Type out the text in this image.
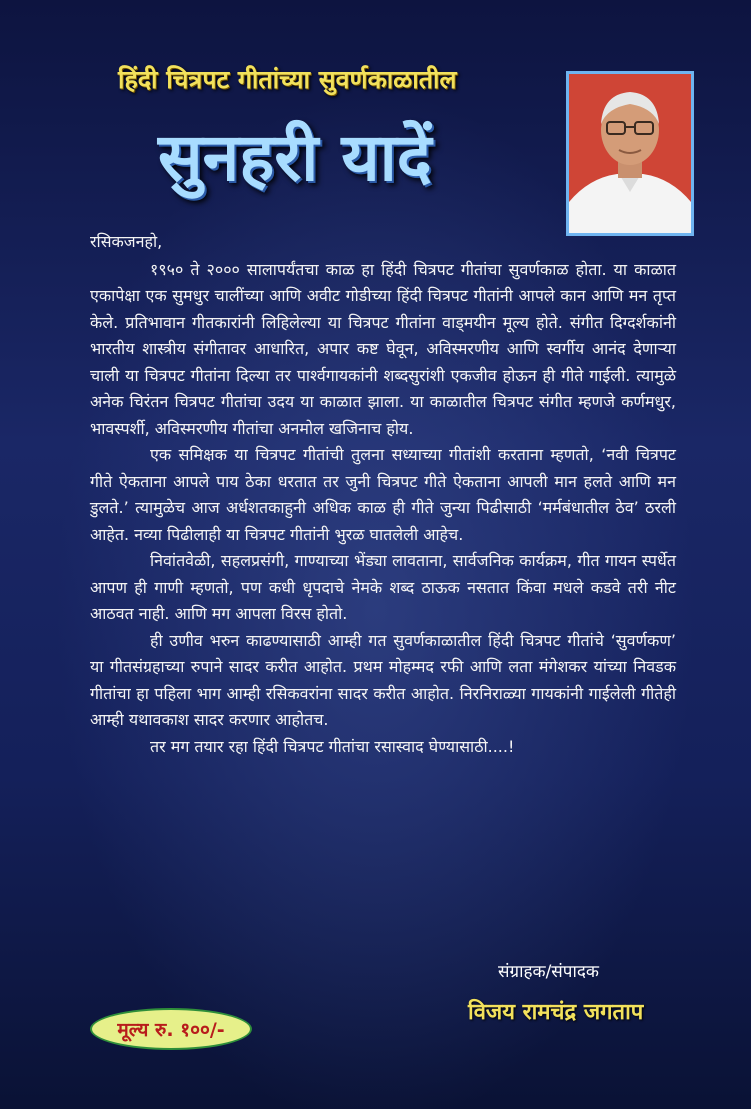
हिंदी चित्रपट गीतांच्या सुवर्णकाळातील
सुनहरी यादें

रसिकजनहो,

१९५० ते २००० सालापर्यंतचा काळ हा हिंदी चित्रपट गीतांचा सुवर्णकाळ होता. या काळात एकापेक्षा एक सुमधुर चालींच्या आणि अवीट गोडीच्या हिंदी चित्रपट गीतांनी आपले कान आणि मन तृप्त केले. प्रतिभावान गीतकारांनी लिहिलेल्या या चित्रपट गीतांना वाड्मयीन मूल्य होते. संगीत दिग्दर्शकांनी भारतीय शास्त्रीय संगीतावर आधारित, अपार कष्ट घेवून, अविस्मरणीय आणि स्वर्गीय आनंद देणाऱ्या चाली या चित्रपट गीतांना दिल्या तर पार्श्वगायकांनी शब्दसुरांशी एकजीव होऊन ही गीते गाईली. त्यामुळे अनेक चिरंतन चित्रपट गीतांचा उदय या काळात झाला. या काळातील चित्रपट संगीत म्हणजे कर्णमधुर, भावस्पर्शी, अविस्मरणीय गीतांचा अनमोल खजिनाच होय.

एक समिक्षक या चित्रपट गीतांची तुलना सध्याच्या गीतांशी करताना म्हणतो, ‘नवी चित्रपट गीते ऐकताना आपले पाय ठेका धरतात तर जुनी चित्रपट गीते ऐकताना आपली मान हलते आणि मन डुलते.’ त्यामुळेच आज अर्धशतकाहुनी अधिक काळ ही गीते जुन्या पिढीसाठी ‘मर्मबंधातील ठेव’ ठरली आहेत. नव्या पिढीलाही या चित्रपट गीतांनी भुरळ घातलेली आहेच.

निवांतवेळी, सहलप्रसंगी, गाण्याच्या भेंड्या लावताना, सार्वजनिक कार्यक्रम, गीत गायन स्पर्धेत आपण ही गाणी म्हणतो, पण कधी धृपदाचे नेमके शब्द ठाऊक नसतात किंवा मधले कडवे तरी नीट आठवत नाही. आणि मग आपला विरस होतो.

ही उणीव भरुन काढण्यासाठी आम्ही गत सुवर्णकाळातील हिंदी चित्रपट गीतांचे ‘सुवर्णकण’ या गीतसंग्रहाच्या रुपाने सादर करीत आहोत. प्रथम मोहम्मद रफी आणि लता मंगेशकर यांच्या निवडक गीतांचा हा पहिला भाग आम्ही रसिकवरांना सादर करीत आहोत. निरनिराळ्या गायकांनी गाईलेली गीतेही आम्ही यथावकाश सादर करणार आहोतच.

तर मग तयार रहा हिंदी चित्रपट गीतांचा रसास्वाद घेण्यासाठी....!

संग्राहक/संपादक
विजय रामचंद्र जगताप
मूल्य रु. १००/-
